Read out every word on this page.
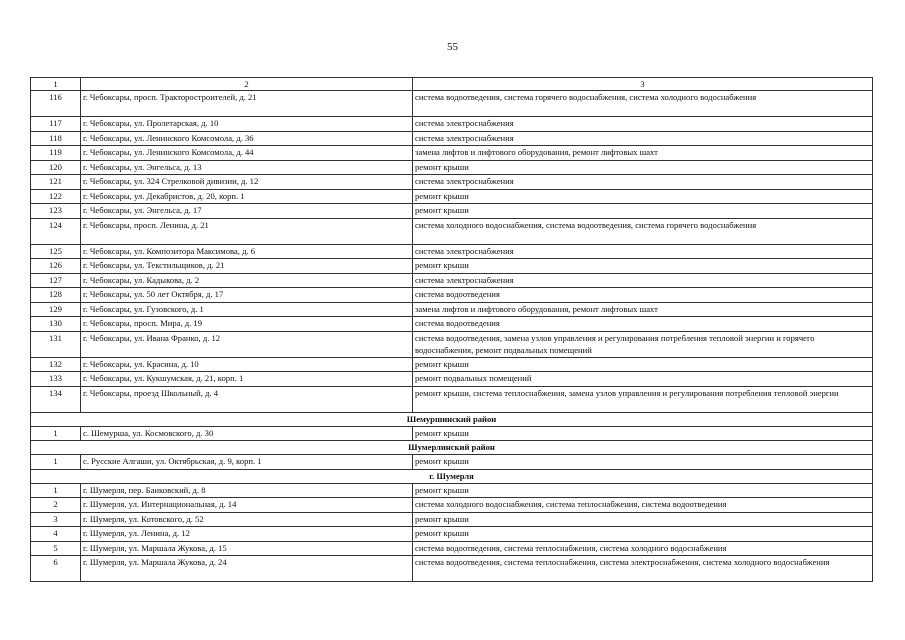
55
1	2	3
116	г. Чебоксары, просп. Тракторостроителей, д. 21	система водоотведения, система горячего водоснабжения, система холодного водоснабжения
117	г. Чебоксары, ул. Пролетарская, д. 10	система электроснабжения
118	г. Чебоксары, ул. Ленинского Комсомола, д. 36	система электроснабжения
119	г. Чебоксары, ул. Ленинского Комсомола, д. 44	замена лифтов и лифтового оборудования, ремонт лифтовых шахт
120	г. Чебоксары, ул. Энгельса, д. 13	ремонт крыши
121	г. Чебоксары, ул. 324 Стрелковой дивизии, д. 12	система электроснабжения
122	г. Чебоксары, ул. Декабристов, д. 20, корп. 1	ремонт крыши
123	г. Чебоксары, ул. Энгельса, д. 17	ремонт крыши
124	г. Чебоксары, просп. Ленина, д. 21	система холодного водоснабжения, система водоотведения, система горячего водоснабжения
125	г. Чебоксары, ул. Композитора Максимова, д. 6	система электроснабжения
126	г. Чебоксары, ул. Текстильщиков, д. 21	ремонт крыши
127	г. Чебоксары, ул. Кадыкова, д. 2	система электроснабжения
128	г. Чебоксары, ул. 50 лет Октября, д. 17	система водоотведения
129	г. Чебоксары, ул. Гузовского, д. 1	замена лифтов и лифтового оборудования, ремонт лифтовых шахт
130	г. Чебоксары, просп. Мира, д. 19	система водоотведения
131	г. Чебоксары, ул. Ивана Франко, д. 12	система водоотведения, замена узлов управления и регулирования потребления тепловой энергии и горячего водоснабжения, ремонт подвальных помещений
132	г. Чебоксары, ул. Красина, д. 10	ремонт крыши
133	г. Чебоксары, ул. Кукшумская, д. 21, корп. 1	ремонт подвальных помещений
134	г. Чебоксары, проезд Школьный, д. 4	ремонт крыши, система теплоснабжения, замена узлов управления и регулирования потребления тепловой энергии
Шемуршинский район		
1	с. Шемурша, ул. Космовского, д. 30	ремонт крыши
Шумерлинский район		
1	с. Русские Алгаши, ул. Октябрьская, д. 9, корп. 1	ремонт крыши
г. Шумерля		
1	г. Шумерля, пер. Банковский, д. 8	ремонт крыши
2	г. Шумерля, ул. Интернациональная, д. 14	система холодного водоснабжения, система теплоснабжения, система водоотведения
3	г. Шумерля, ул. Котовского, д. 52	ремонт крыши
4	г. Шумерля, ул. Ленина, д. 12	ремонт крыши
5	г. Шумерля, ул. Маршала Жукова, д. 15	система водоотведения, система теплоснабжения, система холодного водоснабжения
6	г. Шумерля, ул. Маршала Жукова, д. 24	система водоотведения, система теплоснабжения, система электроснабжения, система холодного водоснабжения
